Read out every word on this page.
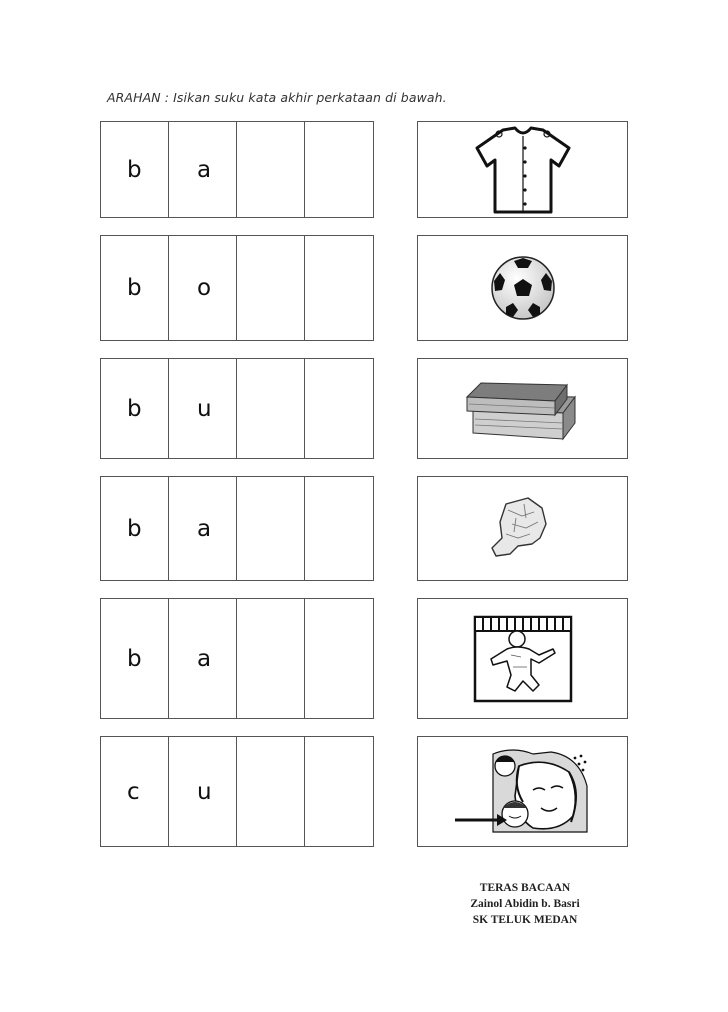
ARAHAN : Isikan suku kata akhir perkataan di bawah.
b	a
b	o
b	u
b	a
b	a
c	u
TERAS BACAAN
Zainol Abidin b. Basri
SK TELUK MEDAN
